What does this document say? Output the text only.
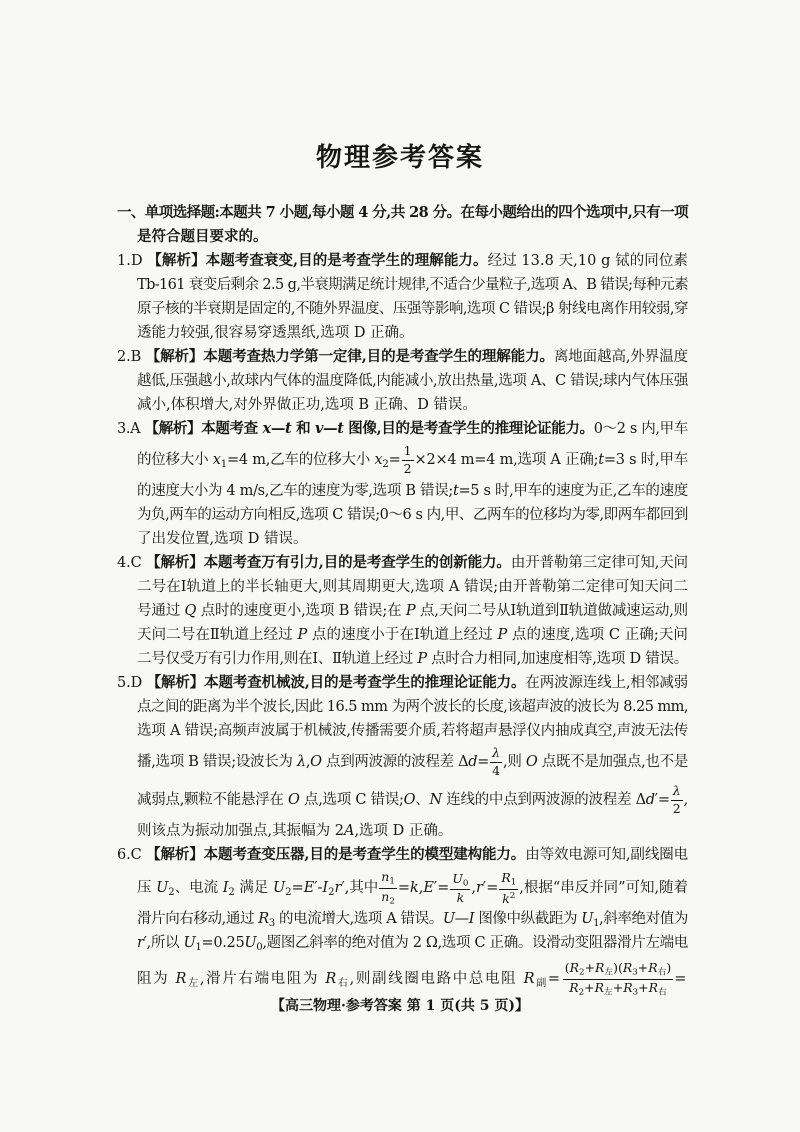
物理参考答案
一、单项选择题:本题共 7 小题,每小题 4 分,共 28 分。在每小题给出的四个选项中,只有一项
是符合题目要求的。
1.D 【解析】本题考查衰变,目的是考查学生的理解能力。经过 13.8 天,10 g 铽的同位素
Tb-161 衰变后剩余 2.5 g,半衰期满足统计规律,不适合少量粒子,选项 A、B 错误;每种元素
原子核的半衰期是固定的,不随外界温度、压强等影响,选项 C 错误;β 射线电离作用较弱,穿
透能力较强,很容易穿透黑纸,选项 D 正确。
2.B 【解析】本题考查热力学第一定律,目的是考查学生的理解能力。离地面越高,外界温度
越低,压强越小,故球内气体的温度降低,内能减小,放出热量,选项 A、C 错误;球内气体压强
减小,体积增大,对外界做正功,选项 B 正确、D 错误。
3.A 【解析】本题考查 x—t 和 v—t 图像,目的是考查学生的推理论证能力。0～2 s 内,甲车
的位移大小 $x_1=4$ m,乙车的位移大小 $x_2= \frac{1}{2} \times 2\times 4$ m=4 m,选项 A 正确;t=3 s 时,甲车
的速度大小为 4 m/s,乙车的速度为零,选项 B 错误;t=5 s 时,甲车的速度为正,乙车的速度
为负,两车的运动方向相反,选项 C 错误;0～6 s 内,甲、乙两车的位移均为零,即两车都回到
了出发位置,选项 D 错误。
4.C 【解析】本题考查万有引力,目的是考查学生的创新能力。由开普勒第三定律可知,天问
二号在Ⅰ轨道上的半长轴更大,则其周期更大,选项 A 错误;由开普勒第二定律可知天问二
号通过 Q 点时的速度更小,选项 B 错误;在 P 点,天问二号从Ⅰ轨道到Ⅱ轨道做减速运动,则
天问二号在Ⅱ轨道上经过 P 点的速度小于在Ⅰ轨道上经过 P 点的速度,选项 C 正确;天问
二号仅受万有引力作用,则在Ⅰ、Ⅱ轨道上经过 P 点时合力相同,加速度相等,选项 D 错误。
5.D 【解析】本题考查机械波,目的是考查学生的推理论证能力。在两波源连线上,相邻减弱
点之间的距离为半个波长,因此 16.5 mm 为两个波长的长度,该超声波的波长为 8.25 mm,
选项 A 错误;高频声波属于机械波,传播需要介质,若将超声悬浮仪内抽成真空,声波无法传
播,选项 B 错误;设波长为 λ,O 点到两波源的波程差 $\Delta d= \frac{\lambda}{4}$ ,则 O 点既不是加强点,也不是
减弱点,颗粒不能悬浮在 O 点,选项 C 错误;O、N 连线的中点到两波源的波程差 $\Delta d'= \frac{\lambda}{2}$ ,
则该点为振动加强点,其振幅为 2A,选项 D 正确。
6.C 【解析】本题考查变压器,目的是考查学生的模型建构能力。由等效电源可知,副线圈电
压 $U_2$、电流 $I_2$ 满足 $U_2=E'-I_2r'$,其中 $\frac{n_1}{n_2} =k,E'= \frac{U_0}{k} ,r'= \frac{R_1}{k^2}$ ,根据“串反并同”可知,随着
滑片向右移动,通过 $R_3$ 的电流增大,选项 A 错误。U—I 图像中纵截距为 $U_1$,斜率绝对值为
r′,所以 $U_1=0.25U_0$,题图乙斜率的绝对值为 2 Ω,选项 C 正确。设滑动变阻器滑片左端电
阻为 $R_左$,滑片右端电阻为 $R_右$,则副线圈电路中总电阻 $R_副= \frac{(R_2+R_左)(R_3+R_右)}{R_2+R_左+R_3+R_右}$ =
【高三物理·参考答案 第 1 页(共 5 页)】
